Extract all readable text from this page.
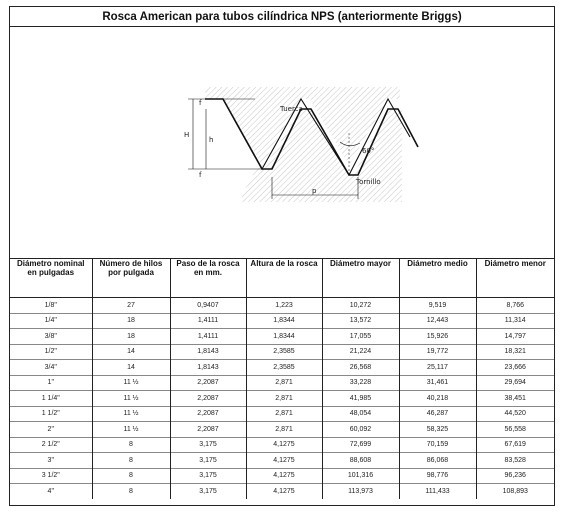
Rosca American para tubos cilíndrica NPS (anteriormente Briggs)
Tuerca
Tornillo
60°
p
f
f
H
h
Diámetro nominal en pulgadas	Número de hilos por pulgada	Paso de la rosca en mm.	Altura de la rosca	Diámetro mayor	Diámetro medio	Diámetro menor
1/8"	27	0,9407	1,223	10,272	9,519	8,766
1/4"	18	1,4111	1,8344	13,572	12,443	11,314
3/8"	18	1,4111	1,8344	17,055	15,926	14,797
1/2"	14	1,8143	2,3585	21,224	19,772	18,321
3/4"	14	1,8143	2,3585	26,568	25,117	23,666
1"	11 ½	2,2087	2,871	33,228	31,461	29,694
1 1/4"	11 ½	2,2087	2,871	41,985	40,218	38,451
1 1/2"	11 ½	2,2087	2,871	48,054	46,287	44,520
2"	11 ½	2,2087	2,871	60,092	58,325	56,558
2 1/2"	8	3,175	4,1275	72,699	70,159	67,619
3"	8	3,175	4,1275	88,608	86,068	83,528
3 1/2"	8	3,175	4,1275	101,316	98,776	96,236
4"	8	3,175	4,1275	113,973	111,433	108,893
